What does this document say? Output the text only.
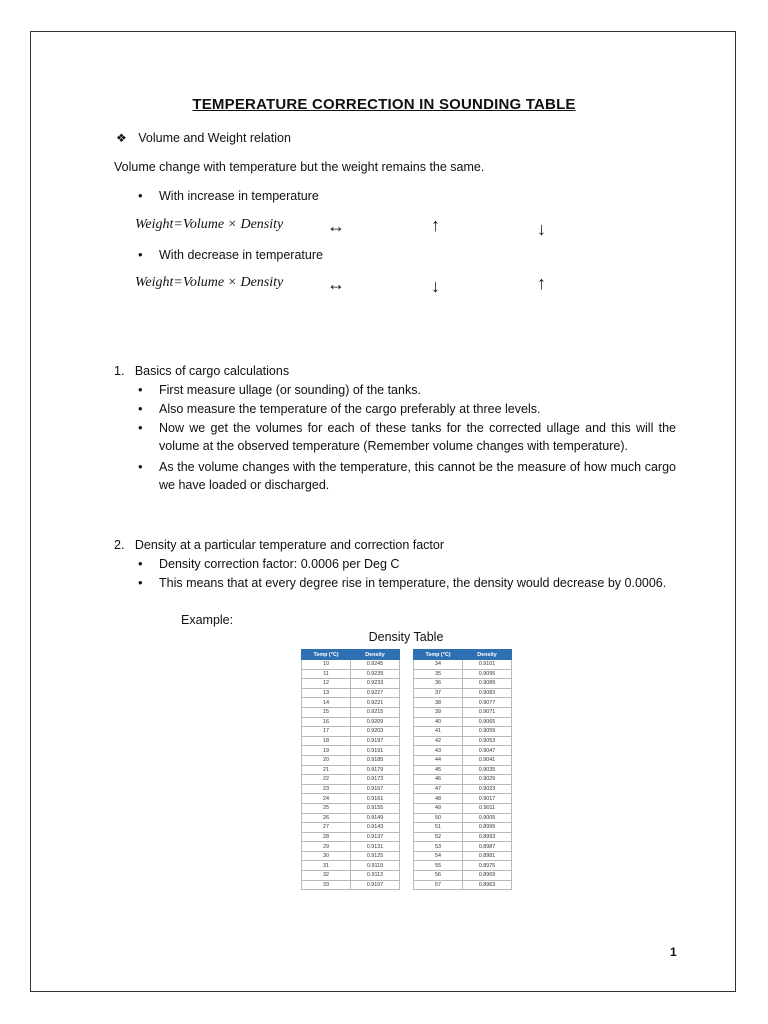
TEMPERATURE CORRECTION IN SOUNDING TABLE
❖ Volume and Weight relation
Volume change with temperature but the weight remains the same.
• With increase in temperature
Weight=Volume × Density ↔	↑	↓
• With decrease in temperature
Weight=Volume × Density ↔	↓	↑
1.   Basics of cargo calculations
• First measure ullage (or sounding) of the tanks.
• Also measure the temperature of the cargo preferably at three levels.
• Now we get the volumes for each of these tanks for the corrected ullage and this will the volume at the observed temperature (Remember volume changes with temperature).
• As the volume changes with the temperature, this cannot be the measure of how much cargo we have loaded or discharged.
2.   Density at a particular temperature and correction factor
• Density correction factor: 0.0006 per Deg C
• This means that at every degree rise in temperature, the density would decrease by 0.0006.
Example:
Density Table
Temp (°C)	Density
10	0.9245
11	0.9239
12	0.9233
13	0.9227
14	0.9221
15	0.9215
16	0.9209
17	0.9203
18	0.9197
19	0.9191
20	0.9185
21	0.9179
22	0.9173
23	0.9167
24	0.9161
25	0.9155
26	0.9149
27	0.9143
28	0.9137
29	0.9131
30	0.9125
31	0.9119
32	0.9113
33	0.9107
Temp (°C)	Density
34	0.9101
35	0.9095
36	0.9089
37	0.9083
38	0.9077
39	0.9071
40	0.9065
41	0.9059
42	0.9053
43	0.9047
44	0.9041
45	0.9035
46	0.9029
47	0.9023
48	0.9017
49	0.9011
50	0.9005
51	0.8999
52	0.8993
53	0.8987
54	0.8981
55	0.8975
56	0.8969
57	0.8963
1
